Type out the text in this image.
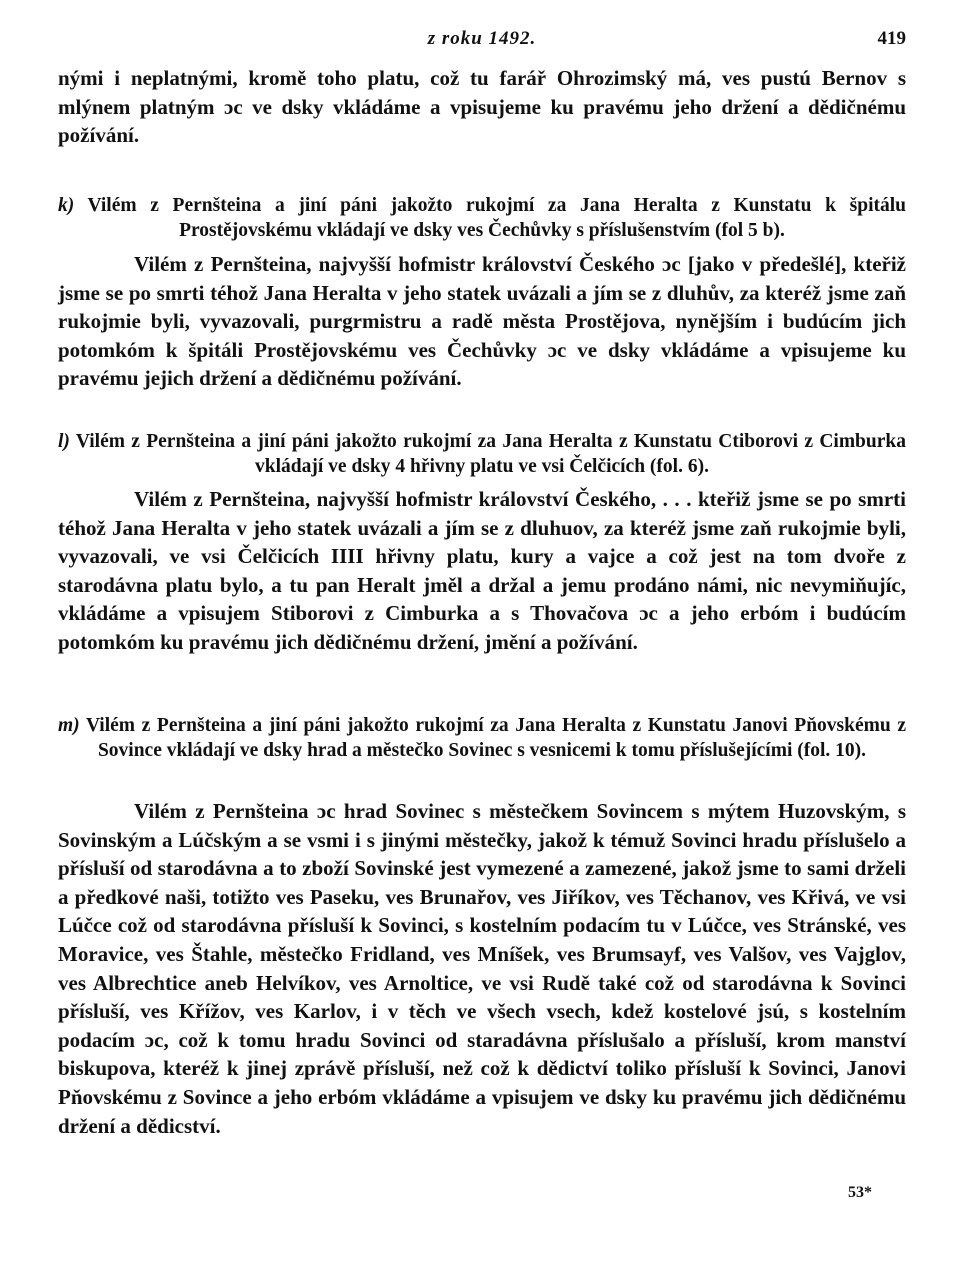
z roku 1492.	419

nými i neplatnými, kromě toho platu, což tu farář Ohrozimský má, ves pustú Bernov s mlýnem platným ɔc ve dsky vkládáme a vpisujeme ku pravému jeho držení a dědičnému požívání.

k) Vilém z Pernšteina a jiní páni jakožto rukojmí za Jana Heralta z Kunstatu k špitálu Prostějovskému vkládají ve dsky ves Čechůvky s příslušenstvím (fol 5 b).

Vilém z Pernšteina, najvyšší hofmistr království Českého ɔc [jako v předešlé], kteřiž jsme se po smrti téhož Jana Heralta v jeho statek uvázali a jím se z dluhův, za kteréž jsme zaň rukojmie byli, vyvazovali, purgrmistru a radě města Prostějova, nynějším i budúcím jich potomkóm k špitáli Prostějovskému ves Čechůvky ɔc ve dsky vkládáme a vpisujeme ku pravému jejich držení a dědičnému požívání.

l) Vilém z Pernšteina a jiní páni jakožto rukojmí za Jana Heralta z Kunstatu Ctiborovi z Cimburka vkládají ve dsky 4 hřivny platu ve vsi Čelčicích (fol. 6).

Vilém z Pernšteina, najvyšší hofmistr království Českého, . . . kteřiž jsme se po smrti téhož Jana Heralta v jeho statek uvázali a jím se z dluhuov, za kteréž jsme zaň rukojmie byli, vyvazovali, ve vsi Čelčicích IIII hřivny platu, kury a vajce a což jest na tom dvoře z starodávna platu bylo, a tu pan Heralt jměl a držal a jemu prodáno námi, nic nevymiňujíc, vkládáme a vpisujem Stiborovi z Cimburka a s Thovačova ɔc a jeho erbóm i budúcím potomkóm ku pravému jich dědičnému držení, jmění a požívání.

m) Vilém z Pernšteina a jiní páni jakožto rukojmí za Jana Heralta z Kunstatu Janovi Pňovskému z Sovince vkládají ve dsky hrad a městečko Sovinec s vesnicemi k tomu příslušejícími (fol. 10).

Vilém z Pernšteina ɔc hrad Sovinec s městečkem Sovincem s mýtem Huzovským, s Sovinským a Lúčským a se vsmi i s jinými městečky, jakož k témuž Sovinci hradu příslušelo a přísluší od starodávna a to zboží Sovinské jest vymezené a zamezené, jakož jsme to sami drželi a předkové naši, totižto ves Paseku, ves Brunařov, ves Jiříkov, ves Těchanov, ves Křivá, ve vsi Lúčce což od starodávna přísluší k Sovinci, s kostelním podacím tu v Lúčce, ves Stránské, ves Moravice, ves Štahle, městečko Fridland, ves Mníšek, ves Brumsayf, ves Valšov, ves Vajglov, ves Albrechtice aneb Helvíkov, ves Arnoltice, ve vsi Rudě také což od starodávna k Sovinci přísluší, ves Křížov, ves Karlov, i v těch ve všech vsech, kdež kostelové jsú, s kostelním podacím ɔc, což k tomu hradu Sovinci od staradávna příslušalo a přísluší, krom manství biskupova, kteréž k jinej zprávě přísluší, než což k dědictví toliko přísluší k Sovinci, Janovi Pňovskému z Sovince a jeho erbóm vkládáme a vpisujem ve dsky ku pravému jich dědičnému držení a dědicství.

53*
